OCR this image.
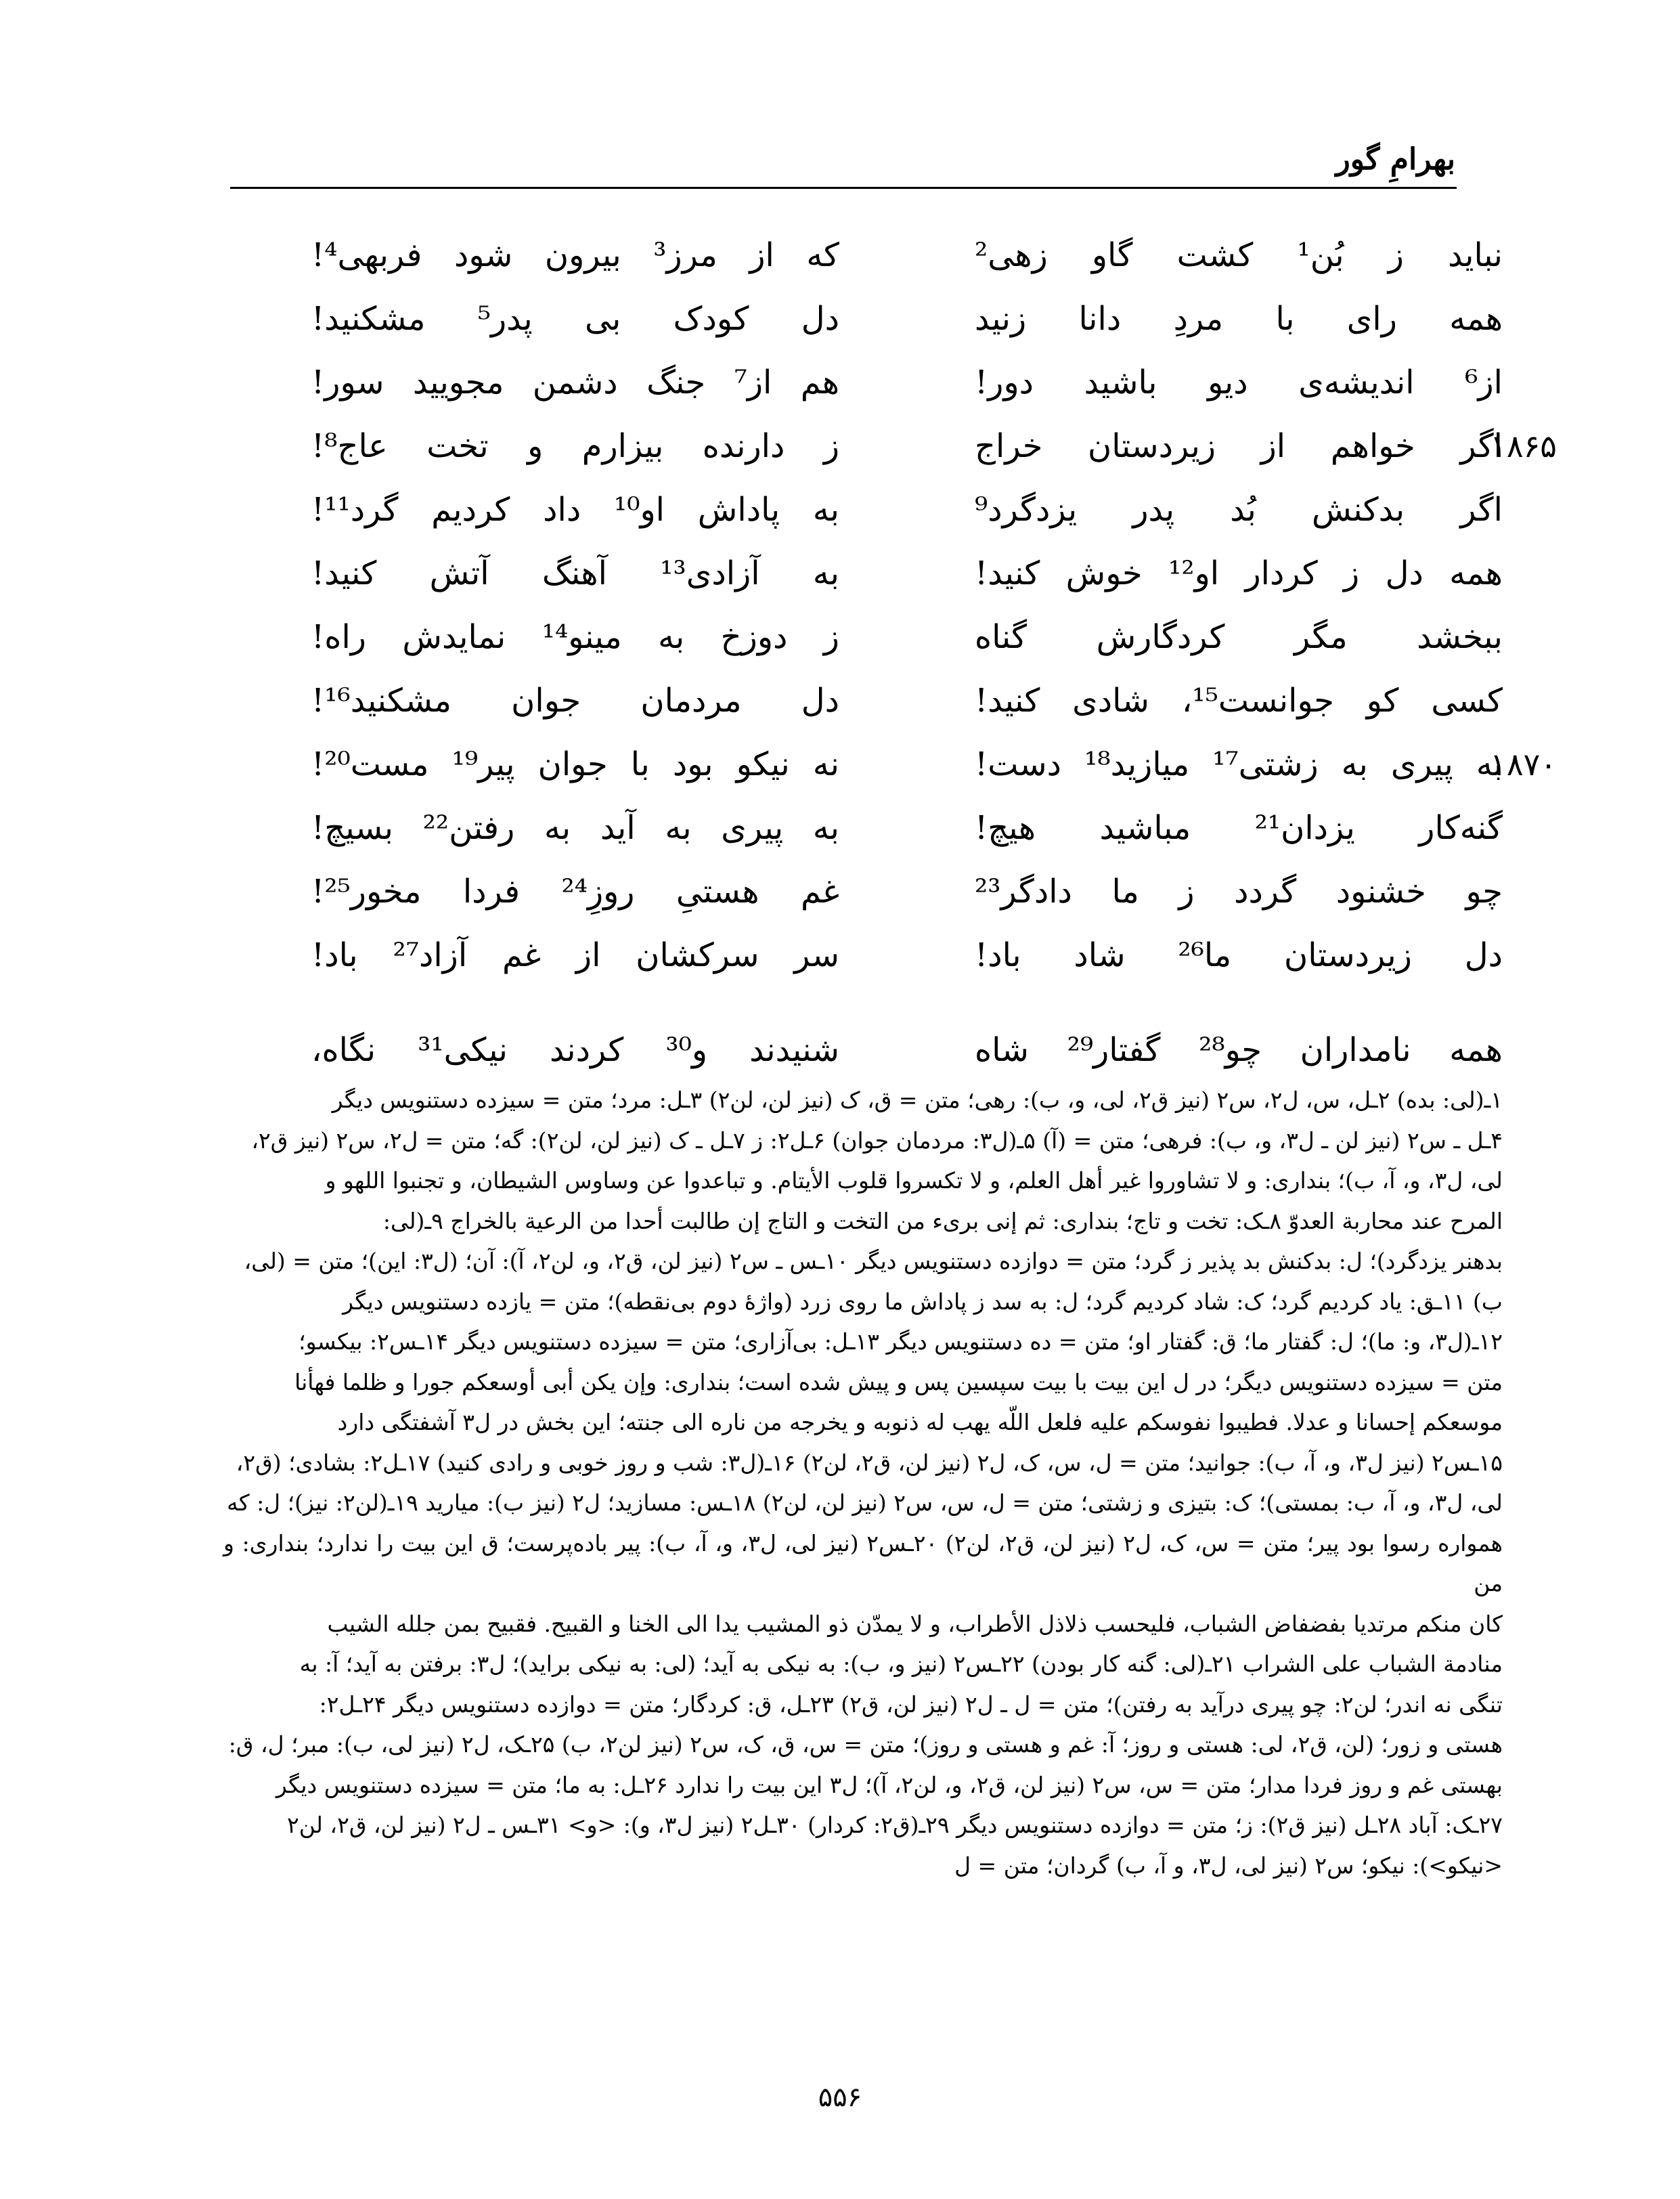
بهرامِ گور
نباید ز بُن¹ کشت گاو زهی²
که از مرز³ بیرون شود فربهی⁴!
همه رای با مردِ دانا زنید
دل کودک بی پدر⁵ مشکنید!
از⁶ اندیشه‌ی دیو باشید دور!
هم از⁷ جنگ دشمن مجویید سور!
۱۸۶۵
اگر خواهم از زیردستان خراج
ز دارنده بیزارم و تخت عاج⁸!
اگر بدکنش بُد پدر یزدگرد⁹
به پاداش او¹⁰ داد کردیم گرد¹¹!
همه دل ز کردار او¹² خوش کنید!
به آزادی¹³ آهنگ آتش کنید!
ببخشد مگر کردگارش گناه
ز دوزخ به مینو¹⁴ نمایدش راه!
کسی کو جوانست¹⁵، شادی کنید!
دل مردمان جوان مشکنید¹⁶!
۱۸۷۰
به پیری به زشتی¹⁷ میازید¹⁸ دست!
نه نیکو بود با جوان پیر¹⁹ مست²⁰!
گنه‌کار یزدان²¹ مباشید هیچ!
به پیری به آید به رفتن²² بسیچ!
چو خشنود گردد ز ما دادگر²³
غم هستیِ روزِ²⁴ فردا مخور²⁵!
دل زیردستان ما²⁶ شاد باد!
سر سرکشان از غم آزاد²⁷ باد!
همه نامداران چو²⁸ گفتار²⁹ شاه
شنیدند و³⁰ کردند نیکی³¹ نگاه،

۱ـ(لی: بده) ۲ـل، س، ل۲، س۲ (نیز ق۲، لی، و، ب): رهی؛ متن = ق، ک (نیز لن، لن۲) ۳ـل: مرد؛ متن = سیزده دستنویس دیگر

۴ـل ـ س۲ (نیز لن ـ ل۳، و، ب): فرهی؛ متن = (آ) ۵ـ(ل۳: مردمان جوان) ۶ـل۲: ز ۷ـل ـ ک (نیز لن، لن۲): گه؛ متن = ل۲، س۲ (نیز ق۲،

لی، ل۳، و، آ، ب)؛ بنداری: و لا تشاوروا غیر أهل العلم، و لا تکسروا قلوب الأیتام. و تباعدوا عن وساوس الشیطان، و تجنبوا اللهو و

المرح عند محاربة العدوّ ۸ـک: تخت و تاج؛ بنداری: ثم إنی بریء من التخت و التاج إن طالبت أحدا من الرعیة بالخراج ۹ـ(لی:

بدهنر یزدگرد)؛ ل: بدکنش بد پذیر ز گرد؛ متن = دوازده دستنویس دیگر ۱۰ـس ـ س۲ (نیز لن، ق۲، و، لن۲، آ): آن؛ (ل۳: این)؛ متن = (لی،

ب) ۱۱ـق: یاد کردیم گرد؛ ک: شاد کردیم گرد؛ ل: به سد ز پاداش ما روی زرد (واژهٔ دوم بی‌نقطه)؛ متن = یازده دستنویس دیگر

۱۲ـ(ل۳، و: ما)؛ ل: گفتار ما؛ ق: گفتار او؛ متن = ده دستنویس دیگر ۱۳ـل: بی‌آزاری؛ متن = سیزده دستنویس دیگر ۱۴ـس۲: بیکسو؛

متن = سیزده دستنویس دیگر؛ در ل این بیت با بیت سپسین پس و پیش شده است؛ بنداری: وإن یکن أبی أوسعکم جورا و ظلما فهأنا

موسعکم إحسانا و عدلا. فطیبوا نفوسکم علیه فلعل اللّه یهب له ذنوبه و یخرجه من ناره الی جنته؛ این بخش در ل۳ آشفتگی دارد

۱۵ـس۲ (نیز ل۳، و، آ، ب): جوانید؛ متن = ل، س، ک، ل۲ (نیز لن، ق۲، لن۲) ۱۶ـ(ل۳: شب و روز خوبی و رادی کنید) ۱۷ـل۲: بشادی؛ (ق۲،

لی، ل۳، و، آ، ب: بمستی)؛ ک: بتیزی و زشتی؛ متن = ل، س، س۲ (نیز لن، لن۲) ۱۸ـس: مسازید؛ ل۲ (نیز ب): میارید ۱۹ـ(لن۲: نیز)؛ ل: که

همواره رسوا بود پیر؛ متن = س، ک، ل۲ (نیز لن، ق۲، لن۲) ۲۰ـس۲ (نیز لی، ل۳، و، آ، ب): پیر باده‌پرست؛ ق این بیت را ندارد؛ بنداری: و من

کان منکم مرتدیا بفضفاض الشباب، فلیحسب ذلاذل الأطراب، و لا یمدّن ذو المشیب یدا الی الخنا و القبیح. فقبیح بمن جلله الشیب

منادمة الشباب علی الشراب ۲۱ـ(لی: گنه کار بودن) ۲۲ـس۲ (نیز و، ب): به نیکی به آید؛ (لی: به نیکی براید)؛ ل۳: برفتن به آید؛ آ: به

تنگی نه اندر؛ لن۲: چو پیری درآید به رفتن)؛ متن = ل ـ ل۲ (نیز لن، ق۲) ۲۳ـل، ق: کردگار؛ متن = دوازده دستنویس دیگر ۲۴ـل۲:

هستی و زور؛ (لن، ق۲، لی: هستی و روز؛ آ: غم و هستی و روز)؛ متن = س، ق، ک، س۲ (نیز لن۲، ب) ۲۵ـک، ل۲ (نیز لی، ب): مبر؛ ل، ق:

بهستی غم و روز فردا مدار؛ متن = س، س۲ (نیز لن، ق۲، و، لن۲، آ)؛ ل۳ این بیت را ندارد ۲۶ـل: به ما؛ متن = سیزده دستنویس دیگر

۲۷ـک: آباد ۲۸ـل (نیز ق۲): ز؛ متن = دوازده دستنویس دیگر ۲۹ـ(ق۲: کردار) ۳۰ـل۲ (نیز ل۳، و): <و> ۳۱ـس ـ ل۲ (نیز لن، ق۲، لن۲

<نیکو>): نیکو؛ س۲ (نیز لی، ل۳، و آ، ب) گردان؛ متن = ل

۵۵۶
